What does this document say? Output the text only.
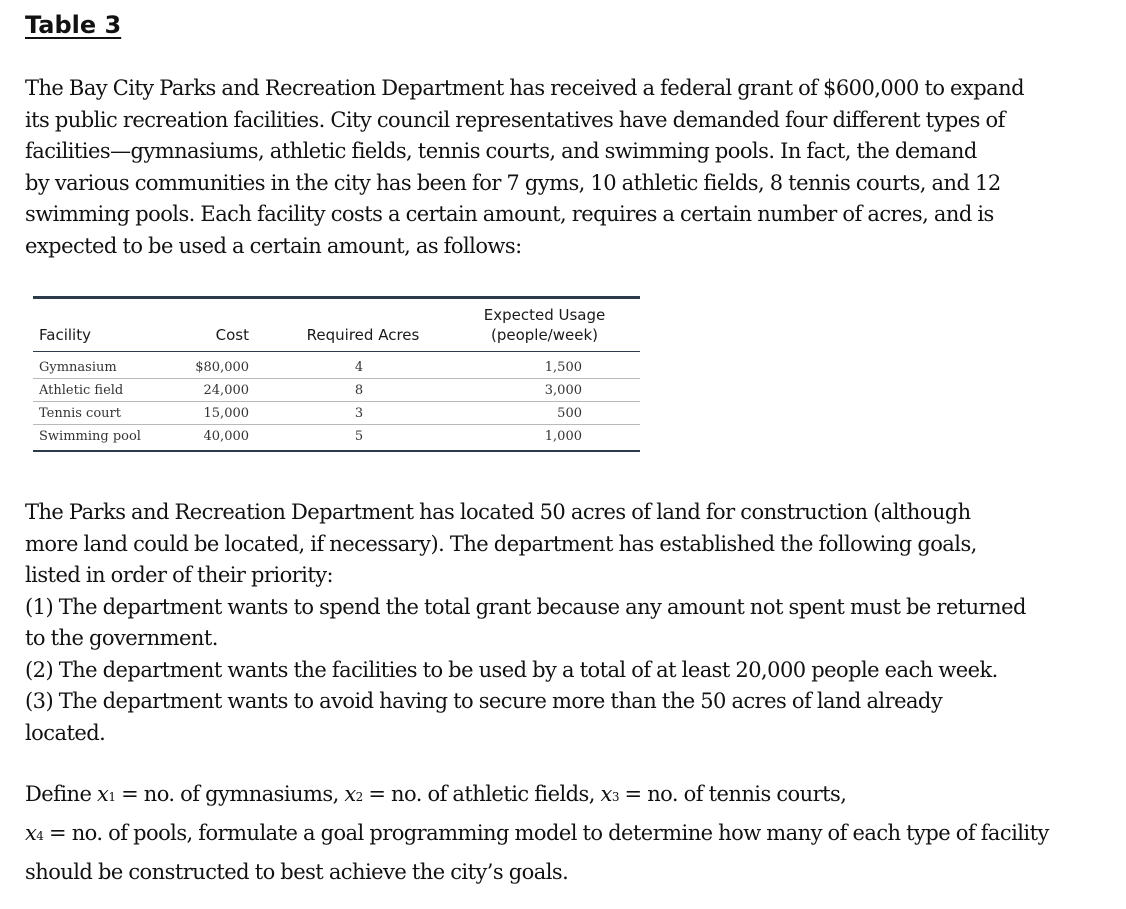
Table 3

The Bay City Parks and Recreation Department has received a federal grant of $600,000 to expand
its public recreation facilities. City council representatives have demanded four different types of
facilities—gymnasiums, athletic fields, tennis courts, and swimming pools. In fact, the demand
by various communities in the city has been for 7 gyms, 10 athletic fields, 8 tennis courts, and 12
swimming pools. Each facility costs a certain amount, requires a certain number of acres, and is
expected to be used a certain amount, as follows:

Facility	Cost	Required Acres	Expected Usage
(people/week)
Gymnasium	$80,000	4	1,500
Athletic field	24,000	8	3,000
Tennis court	15,000	3	500
Swimming pool	40,000	5	1,000

The Parks and Recreation Department has located 50 acres of land for construction (although
more land could be located, if necessary). The department has established the following goals,
listed in order of their priority:
(1) The department wants to spend the total grant because any amount not spent must be returned
to the government.
(2) The department wants the facilities to be used by a total of at least 20,000 people each week.
(3) The department wants to avoid having to secure more than the 50 acres of land already
located.

Define x1 = no. of gymnasiums, x2 = no. of athletic fields, x3 = no. of tennis courts,
x4 = no. of pools, formulate a goal programming model to determine how many of each type of facility
should be constructed to best achieve the city’s goals.
